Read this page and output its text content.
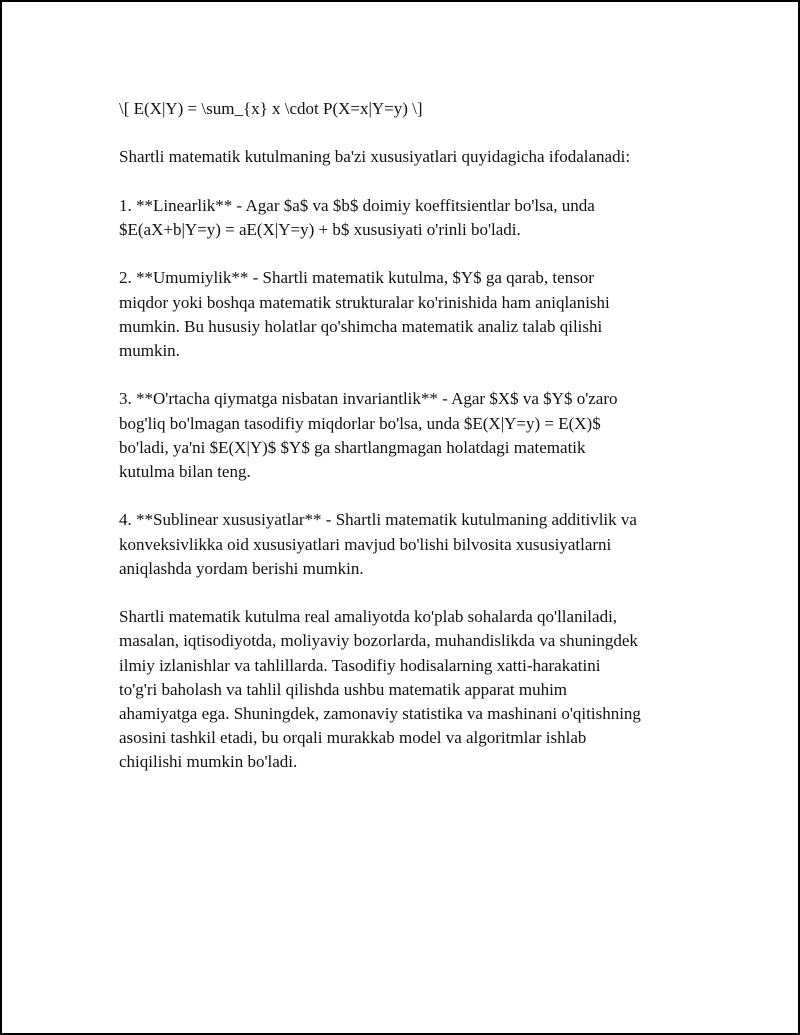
\[ E(X|Y) = \sum_{x} x \cdot P(X=x|Y=y) \]

Shartli matematik kutulmaning ba'zi xususiyatlari quyidagicha ifodalanadi:

1. **Linearlik** - Agar $a$ va $b$ doimiy koeffitsientlar bo'lsa, unda
$E(aX+b|Y=y) = aE(X|Y=y) + b$ xususiyati o'rinli bo'ladi.

2. **Umumiylik** - Shartli matematik kutulma, $Y$ ga qarab, tensor
miqdor yoki boshqa matematik strukturalar ko'rinishida ham aniqlanishi
mumkin. Bu hususiy holatlar qo'shimcha matematik analiz talab qilishi
mumkin.

3. **O'rtacha qiymatga nisbatan invariantlik** - Agar $X$ va $Y$ o'zaro
bog'liq bo'lmagan tasodifiy miqdorlar bo'lsa, unda $E(X|Y=y) = E(X)$
bo'ladi, ya'ni $E(X|Y)$ $Y$ ga shartlangmagan holatdagi matematik
kutulma bilan teng.

4. **Sublinear xususiyatlar** - Shartli matematik kutulmaning additivlik va
konveksivlikka oid xususiyatlari mavjud bo'lishi bilvosita xususiyatlarni
aniqlashda yordam berishi mumkin.

Shartli matematik kutulma real amaliyotda ko'plab sohalarda qo'llaniladi,
masalan, iqtisodiyotda, moliyaviy bozorlarda, muhandislikda va shuningdek
ilmiy izlanishlar va tahlillarda. Tasodifiy hodisalarning xatti-harakatini
to'g'ri baholash va tahlil qilishda ushbu matematik apparat muhim
ahamiyatga ega. Shuningdek, zamonaviy statistika va mashinani o'qitishning
asosini tashkil etadi, bu orqali murakkab model va algoritmlar ishlab
chiqilishi mumkin bo'ladi.
